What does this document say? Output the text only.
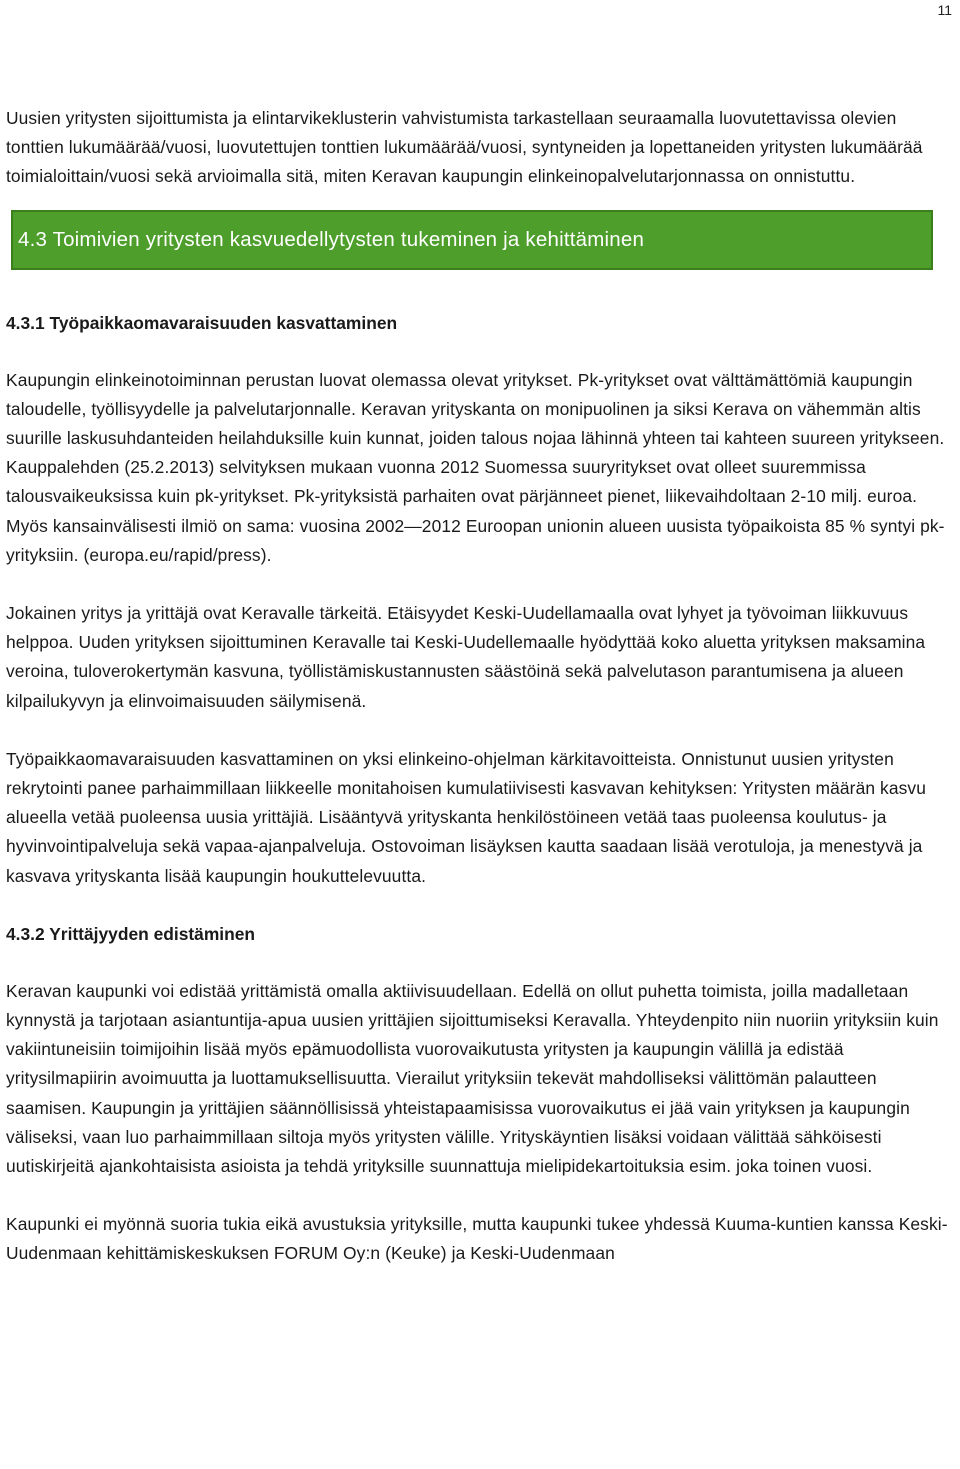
11

Uusien yritysten sijoittumista ja elintarvikeklusterin vahvistumista tarkastellaan seuraamalla luovutettavissa olevien tonttien lukumäärää/vuosi, luovutettujen tonttien lukumäärää/vuosi, syntyneiden ja lopettaneiden yritysten lukumäärää toimialoittain/vuosi sekä arvioimalla sitä, miten Keravan kaupungin elinkeinopalvelutarjonnassa on onnistuttu.

4.3 Toimivien yritysten kasvuedellytysten tukeminen ja kehittäminen
4.3.1 Työpaikkaomavaraisuuden kasvattaminen

Kaupungin elinkeinotoiminnan perustan luovat olemassa olevat yritykset. Pk-yritykset ovat välttämättömiä kaupungin taloudelle, työllisyydelle ja palvelutarjonnalle. Keravan yrityskanta on monipuolinen ja siksi Kerava on vähemmän altis suurille laskusuhdanteiden heilahduksille kuin kunnat, joiden talous nojaa lähinnä yhteen tai kahteen suureen yritykseen. Kauppalehden (25.2.2013) selvityksen mukaan vuonna 2012 Suomessa suuryritykset ovat olleet suuremmissa talousvaikeuksissa kuin pk-yritykset. Pk-yrityksistä parhaiten ovat pärjänneet pienet, liikevaihdoltaan 2-10 milj. euroa. Myös kansainvälisesti ilmiö on sama: vuosina 2002—2012 Euroopan unionin alueen uusista työpaikoista 85 % syntyi pk-yrityksiin. (europa.eu/rapid/press).

Jokainen yritys ja yrittäjä ovat Keravalle tärkeitä. Etäisyydet Keski-Uudellamaalla ovat lyhyet ja työvoiman liikkuvuus helppoa. Uuden yrityksen sijoittuminen Keravalle tai Keski-Uudellemaalle hyödyttää koko aluetta yrityksen maksamina veroina, tuloverokertymän kasvuna, työllistämiskustannusten säästöinä sekä palvelutason parantumisena ja alueen kilpailukyvyn ja elinvoimaisuuden säilymisenä.

Työpaikkaomavaraisuuden kasvattaminen on yksi elinkeino-ohjelman kärkitavoitteista. Onnistunut uusien yritysten rekrytointi panee parhaimmillaan liikkeelle monitahoisen kumulatiivisesti kasvavan kehityksen: Yritysten määrän kasvu alueella vetää puoleensa uusia yrittäjiä. Lisääntyvä yrityskanta henkilöstöineen vetää taas puoleensa koulutus- ja hyvinvointipalveluja sekä vapaa-ajanpalveluja. Ostovoiman lisäyksen kautta saadaan lisää verotuloja, ja menestyvä ja kasvava yrityskanta lisää kaupungin houkuttelevuutta.

4.3.2 Yrittäjyyden edistäminen

Keravan kaupunki voi edistää yrittämistä omalla aktiivisuudellaan. Edellä on ollut puhetta toimista, joilla madalletaan kynnystä ja tarjotaan asiantuntija-apua uusien yrittäjien sijoittumiseksi Keravalla. Yhteydenpito niin nuoriin yrityksiin kuin vakiintuneisiin toimijoihin lisää myös epämuodollista vuorovaikutusta yritysten ja kaupungin välillä ja edistää yritysilmapiirin avoimuutta ja luottamuksellisuutta. Vierailut yrityksiin tekevät mahdolliseksi välittömän palautteen saamisen. Kaupungin ja yrittäjien säännöllisissä yhteistapaamisissa vuorovaikutus ei jää vain yrityksen ja kaupungin väliseksi, vaan luo parhaimmillaan siltoja myös yritysten välille. Yrityskäyntien lisäksi voidaan välittää sähköisesti uutiskirjeitä ajankohtaisista asioista ja tehdä yrityksille suunnattuja mielipidekartoituksia esim. joka toinen vuosi.

Kaupunki ei myönnä suoria tukia eikä avustuksia yrityksille, mutta kaupunki tukee yhdessä Kuuma-kuntien kanssa Keski-Uudenmaan kehittämiskeskuksen FORUM Oy:n (Keuke) ja Keski-Uudenmaan
